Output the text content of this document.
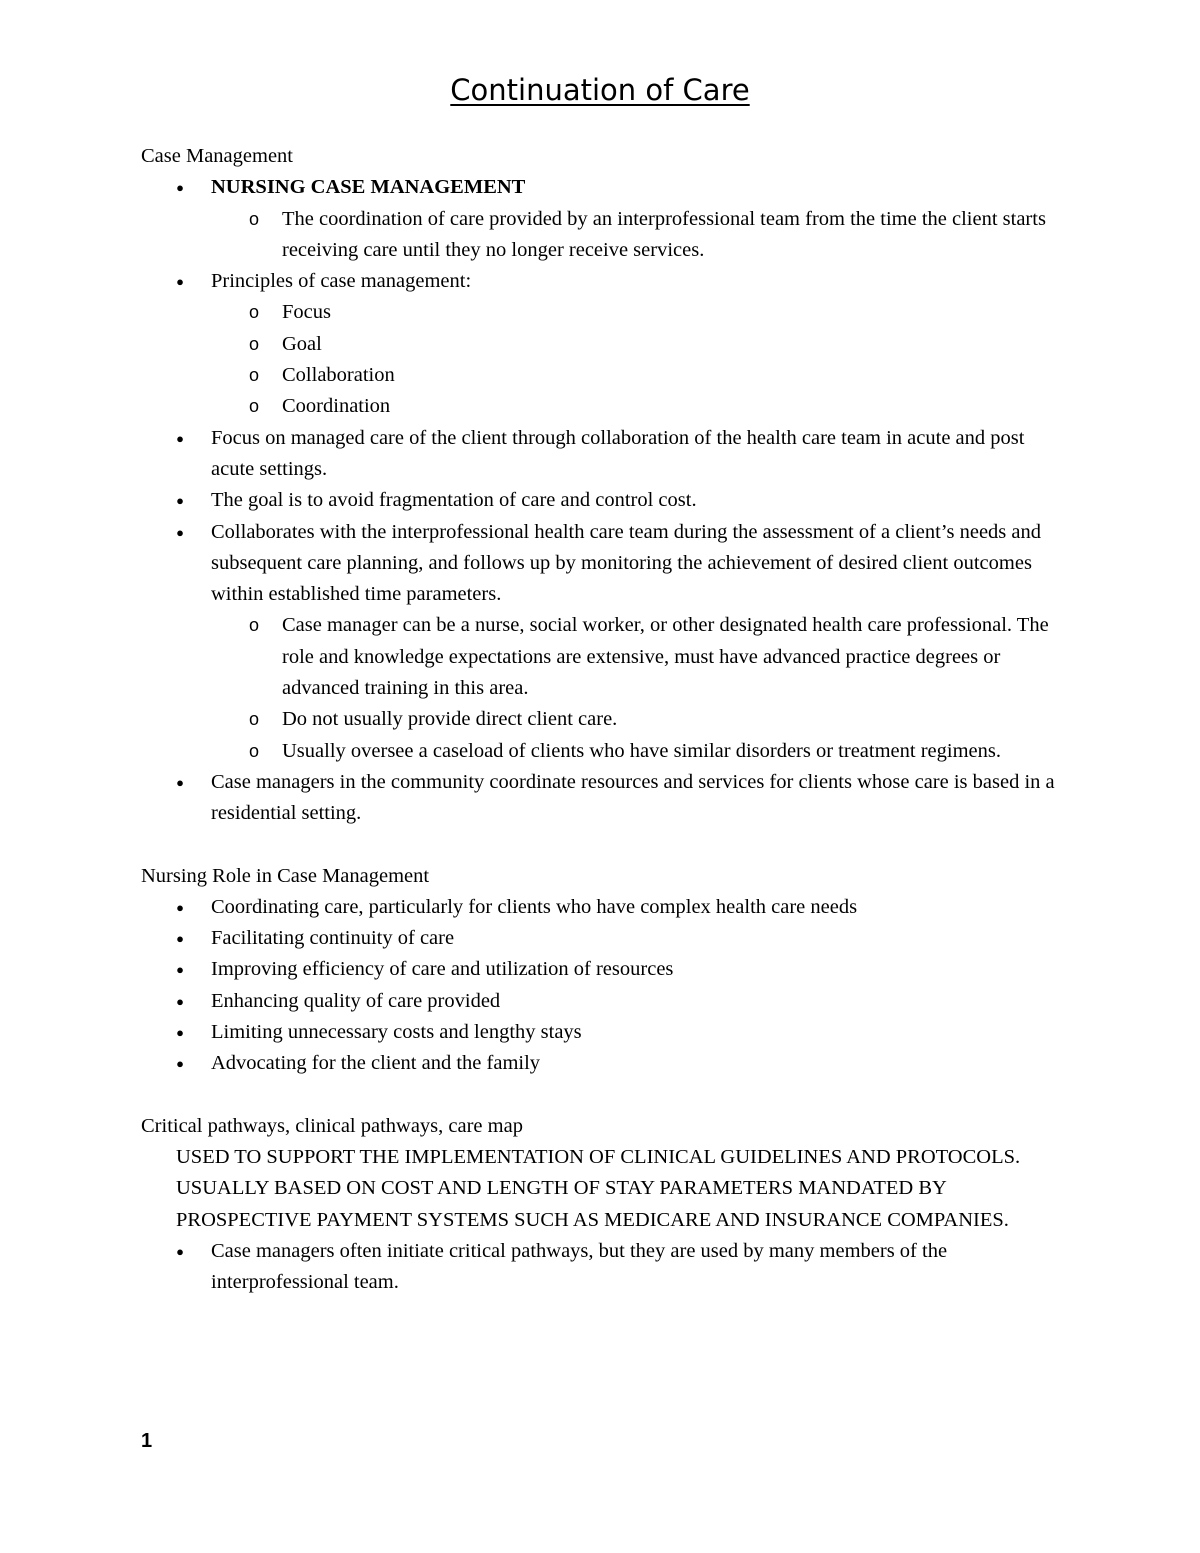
Continuation of Care

Case Management

● NURSING CASE MANAGEMENT
o The coordination of care provided by an interprofessional team from the time the client starts receiving care until they no longer receive services.
● Principles of case management:
o Focus
o Goal
o Collaboration
o Coordination
● Focus on managed care of the client through collaboration of the health care team in acute and post acute settings.
● The goal is to avoid fragmentation of care and control cost.
● Collaborates with the interprofessional health care team during the assessment of a client’s needs and subsequent care planning, and follows up by monitoring the achievement of desired client outcomes within established time parameters.
o Case manager can be a nurse, social worker, or other designated health care professional. The role and knowledge expectations are extensive, must have advanced practice degrees or advanced training in this area.
o Do not usually provide direct client care.
o Usually oversee a caseload of clients who have similar disorders or treatment regimens.
● Case managers in the community coordinate resources and services for clients whose care is based in a residential setting.

Nursing Role in Case Management

● Coordinating care, particularly for clients who have complex health care needs
● Facilitating continuity of care
● Improving efficiency of care and utilization of resources
● Enhancing quality of care provided
● Limiting unnecessary costs and lengthy stays
● Advocating for the client and the family

Critical pathways, clinical pathways, care map

USED TO SUPPORT THE IMPLEMENTATION OF CLINICAL GUIDELINES AND PROTOCOLS.

USUALLY BASED ON COST AND LENGTH OF STAY PARAMETERS MANDATED BY PROSPECTIVE PAYMENT SYSTEMS SUCH AS MEDICARE AND INSURANCE COMPANIES.

● Case managers often initiate critical pathways, but they are used by many members of the interprofessional team.
1
